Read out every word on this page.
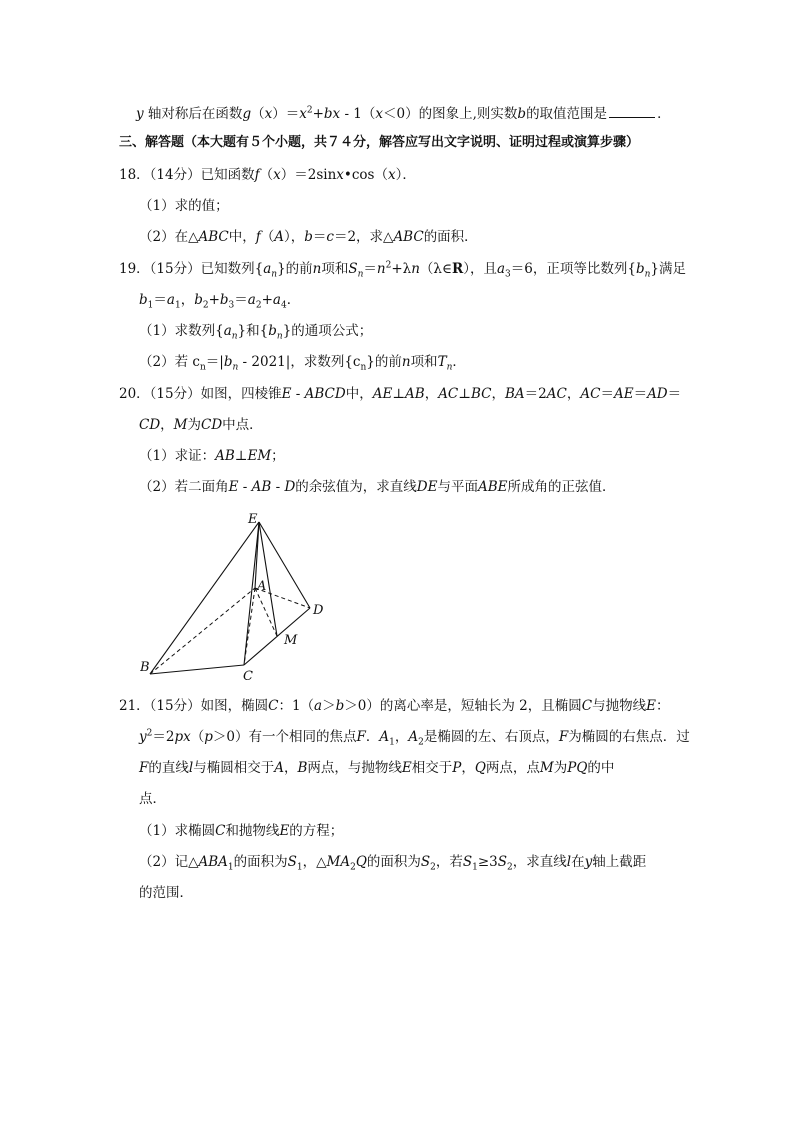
y 轴对称后在函数$g(x)=x^2+bx - 1(x<0)$的图象上,则实数b的取值范围是	．
三、解答题（本大题有５个小题，共７４分，解答应写出文字说明、证明过程或演算步骤）
18．（14分）已知函数f（x）＝2sinx•cos（x）．
（1）求的值；
（2）在△ABC中，f（A），b＝c＝2，求△ABC的面积．
19．（15分）已知数列$\{a_n\}$的前n项和$S_n=n^2+\lambda n(\lambda\in R)$，且$a_3=6$，正项等比数列$\{b_n\}$满足
$b_1=a_1$，$b_2+b_3=a_2+a_4$．
（1）求数列$\{a_n\}$和$\{b_n\}$的通项公式；
（2）若 $c_n=|b_n - 2021|$，求数列$\{c_n\}$的前n项和$T_n$．
20．（15分）如图，四棱锥E - ABCD中，AE⊥AB，AC⊥BC，BA＝2AC，AC＝AE＝AD＝
CD，M为CD中点．
（1）求证：AB⊥EM；
（2）若二面角E - AB - D的余弦值为，求直线DE与平面ABE所成角的正弦值．
E
A
D
M
B
C
21．（15分）如图，椭圆C：1（a＞b＞0）的离心率是，短轴长为 2，且椭圆C与抛物线E：
$y^2=2px(p>0)$有一个相同的焦点F．$A_1$，$A_2$是椭圆的左、右顶点，F为椭圆的右焦点．过
F的直线l与椭圆相交于A，B两点，与抛物线E相交于P，Q两点，点M为PQ的中
点．
（1）求椭圆C和抛物线E的方程；
（2）记$\triangle ABA_1$的面积为$S_1$，$\triangle MA_2Q$的面积为$S_2$，若$S_1\ge 3S_2$，求直线l在y轴上截距
的范围．
